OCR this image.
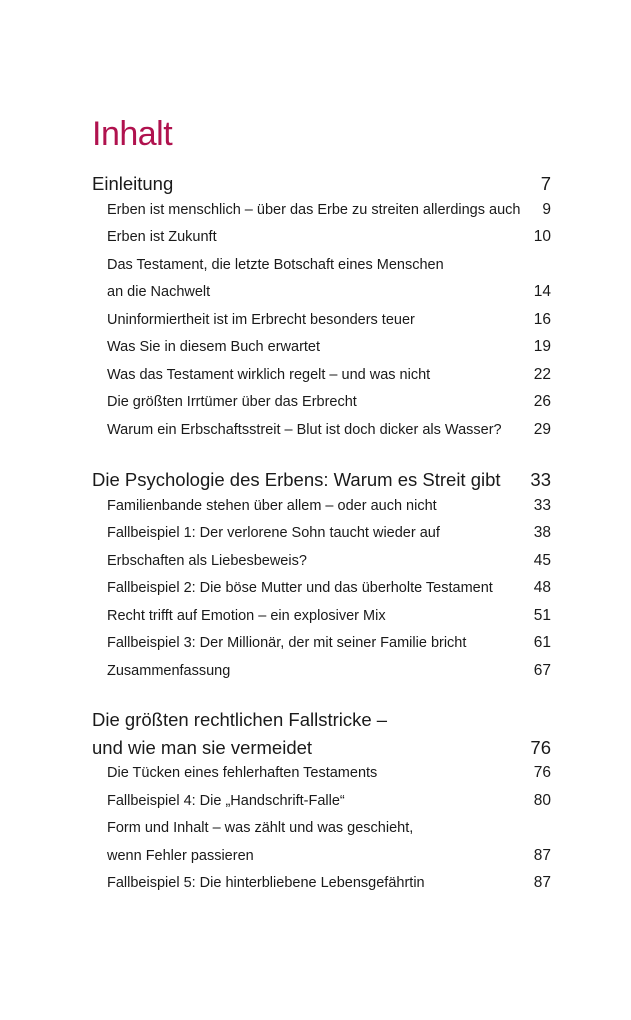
Inhalt
Einleitung	7
Erben ist menschlich – über das Erbe zu streiten allerdings auch 9
Erben ist Zukunft	10
Das Testament, die letzte Botschaft eines Menschen
an die Nachwelt	14
Uninformiertheit ist im Erbrecht besonders teuer	16
Was Sie in diesem Buch erwartet	19
Was das Testament wirklich regelt – und was nicht	22
Die größten Irrtümer über das Erbrecht	26
Warum ein Erbschaftsstreit – Blut ist doch dicker als Wasser? 29
Die Psychologie des Erbens: Warum es Streit gibt 33
Familienbande stehen über allem – oder auch nicht	33
Fallbeispiel 1: Der verlorene Sohn taucht wieder auf	38
Erbschaften als Liebesbeweis?	45
Fallbeispiel 2: Die böse Mutter und das überholte Testament	48
Recht trifft auf Emotion – ein explosiver Mix	51
Fallbeispiel 3: Der Millionär, der mit seiner Familie bricht	61
Zusammenfassung	67
Die größten rechtlichen Fallstricke –
und wie man sie vermeidet	76
Die Tücken eines fehlerhaften Testaments	76
Fallbeispiel 4: Die „Handschrift-Falle“	80
Form und Inhalt – was zählt und was geschieht,
wenn Fehler passieren	87
Fallbeispiel 5: Die hinterbliebene Lebensgefährtin	87
